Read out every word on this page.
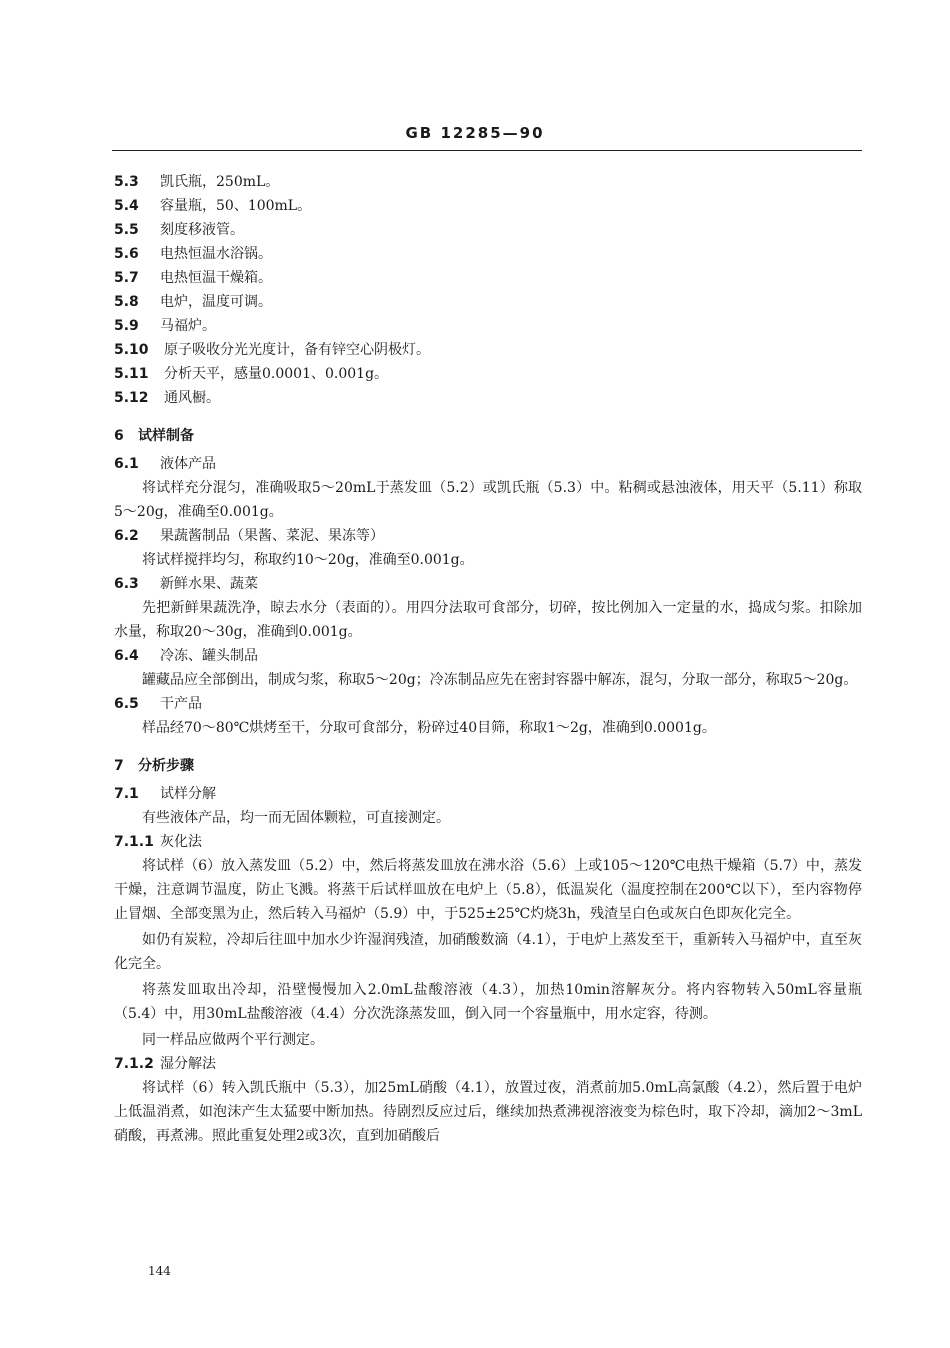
GB 12285—90
5.3 凯氏瓶，250mL。
5.4 容量瓶，50、100mL。
5.5 刻度移液管。
5.6 电热恒温水浴锅。
5.7 电热恒温干燥箱。
5.8 电炉，温度可调。
5.9 马福炉。
5.10 原子吸收分光光度计，备有锌空心阴极灯。
5.11 分析天平，感量0.0001、0.001g。
5.12 通风橱。
6 试样制备
6.1 液体产品
将试样充分混匀，准确吸取5～20mL于蒸发皿（5.2）或凯氏瓶（5.3）中。粘稠或悬浊液体，用天平（5.11）称取5～20g，准确至0.001g。
6.2 果蔬酱制品（果酱、菜泥、果冻等）
将试样搅拌均匀，称取约10～20g，准确至0.001g。
6.3 新鲜水果、蔬菜
先把新鲜果蔬洗净，晾去水分（表面的）。用四分法取可食部分，切碎，按比例加入一定量的水，捣成匀浆。扣除加水量，称取20～30g，准确到0.001g。
6.4 冷冻、罐头制品
罐藏品应全部倒出，制成匀浆，称取5～20g；冷冻制品应先在密封容器中解冻，混匀，分取一部分，称取5～20g。
6.5 干产品
样品经70～80℃烘烤至干，分取可食部分，粉碎过40目筛，称取1～2g，准确到0.0001g。
7 分析步骤
7.1 试样分解
有些液体产品，均一而无固体颗粒，可直接测定。
7.1.1 灰化法
将试样（6）放入蒸发皿（5.2）中，然后将蒸发皿放在沸水浴（5.6）上或105～120℃电热干燥箱（5.7）中，蒸发干燥，注意调节温度，防止飞溅。将蒸干后试样皿放在电炉上（5.8），低温炭化（温度控制在200℃以下），至内容物停止冒烟、全部变黑为止，然后转入马福炉（5.9）中，于525±25℃灼烧3h，残渣呈白色或灰白色即灰化完全。
如仍有炭粒，冷却后往皿中加水少许湿润残渣，加硝酸数滴（4.1），于电炉上蒸发至干，重新转入马福炉中，直至灰化完全。
将蒸发皿取出冷却，沿壁慢慢加入2.0mL盐酸溶液（4.3），加热10min溶解灰分。将内容物转入50mL容量瓶（5.4）中，用30mL盐酸溶液（4.4）分次洗涤蒸发皿，倒入同一个容量瓶中，用水定容，待测。
同一样品应做两个平行测定。
7.1.2 湿分解法
将试样（6）转入凯氏瓶中（5.3），加25mL硝酸（4.1），放置过夜，消煮前加5.0mL高氯酸（4.2），然后置于电炉上低温消煮，如泡沫产生太猛要中断加热。待剧烈反应过后，继续加热煮沸视溶液变为棕色时，取下冷却，滴加2～3mL硝酸，再煮沸。照此重复处理2或3次，直到加硝酸后
144
